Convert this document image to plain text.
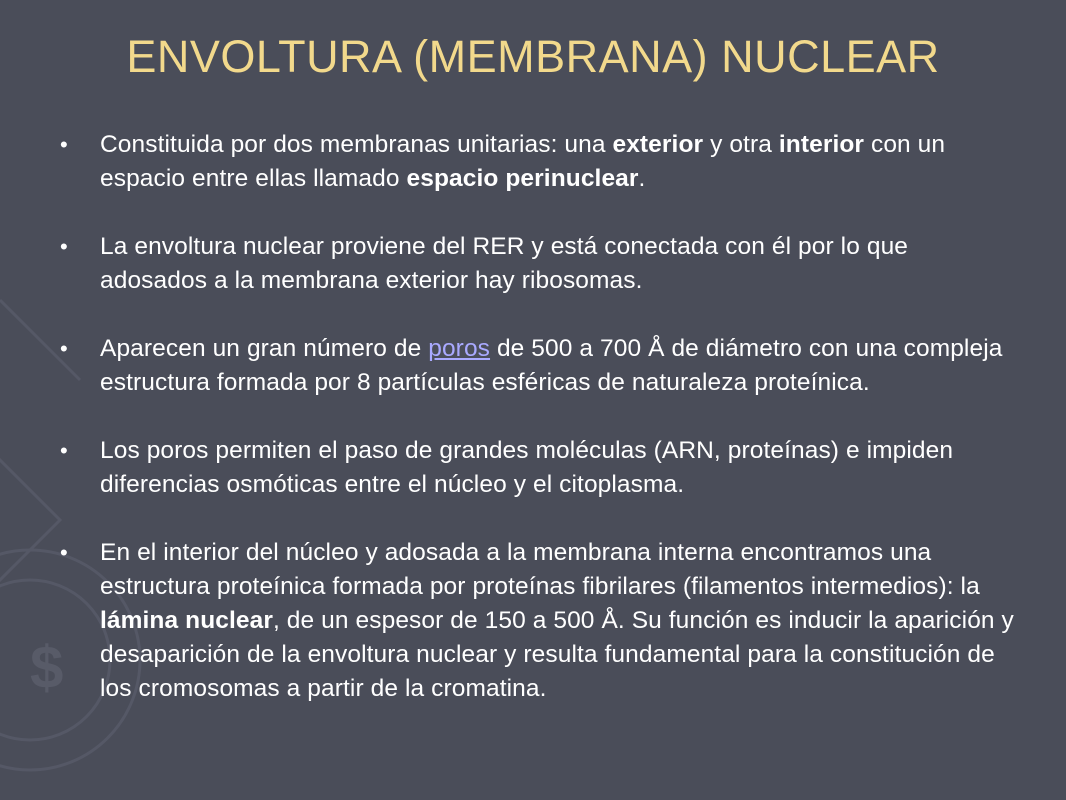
$
ENVOLTURA (MEMBRANA) NUCLEAR
• Constituida por dos membranas unitarias: una exterior y otra interior con un espacio entre ellas llamado espacio perinuclear.
• La envoltura nuclear proviene del RER y está conectada con él por lo que adosados a la membrana exterior hay ribosomas.
• Aparecen un gran número de poros de 500 a 700 Å de diámetro con una compleja estructura formada por 8 partículas esféricas de naturaleza proteínica.
• Los poros permiten el paso de grandes moléculas (ARN, proteínas) e impiden diferencias osmóticas entre el núcleo y el citoplasma.
• En el interior del núcleo y adosada a la membrana interna encontramos una estructura proteínica formada por proteínas fibrilares (filamentos intermedios): la lámina nuclear, de un espesor de 150 a 500 Å. Su función es inducir la aparición y desaparición de la envoltura nuclear y resulta fundamental para la constitución de los cromosomas a partir de la cromatina.
